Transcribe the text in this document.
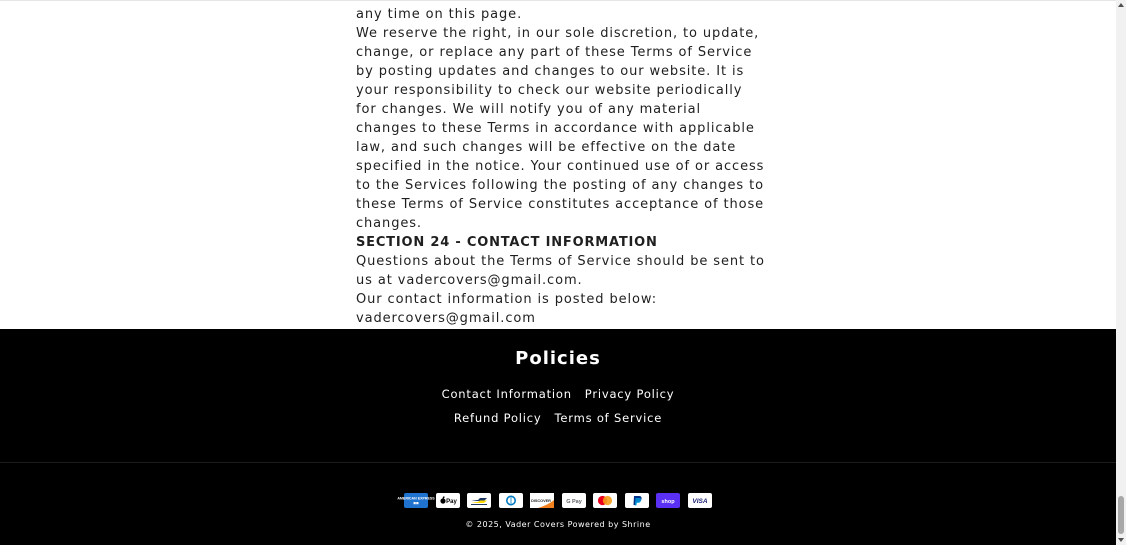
any time on this page.

We reserve the right, in our sole discretion, to update, change, or replace any part of these Terms of Service by posting updates and changes to our website. It is your responsibility to check our website periodically for changes. We will notify you of any material changes to these Terms in accordance with applicable law, and such changes will be effective on the date specified in the notice. Your continued use of or access to the Services following the posting of any changes to these Terms of Service constitutes acceptance of those changes.

SECTION 24 - CONTACT INFORMATION

Questions about the Terms of Service should be sent to us at vadercovers@gmail.com.

Our contact information is posted below:

vadercovers@gmail.com

Policies
Contact Information Privacy Policy
Refund Policy Terms of Service
AMERICAN EXPRESS
■■	Pay	DISCOVER	G Pay	shop	VISA
© 2025, Vader Covers Powered by Shrine
